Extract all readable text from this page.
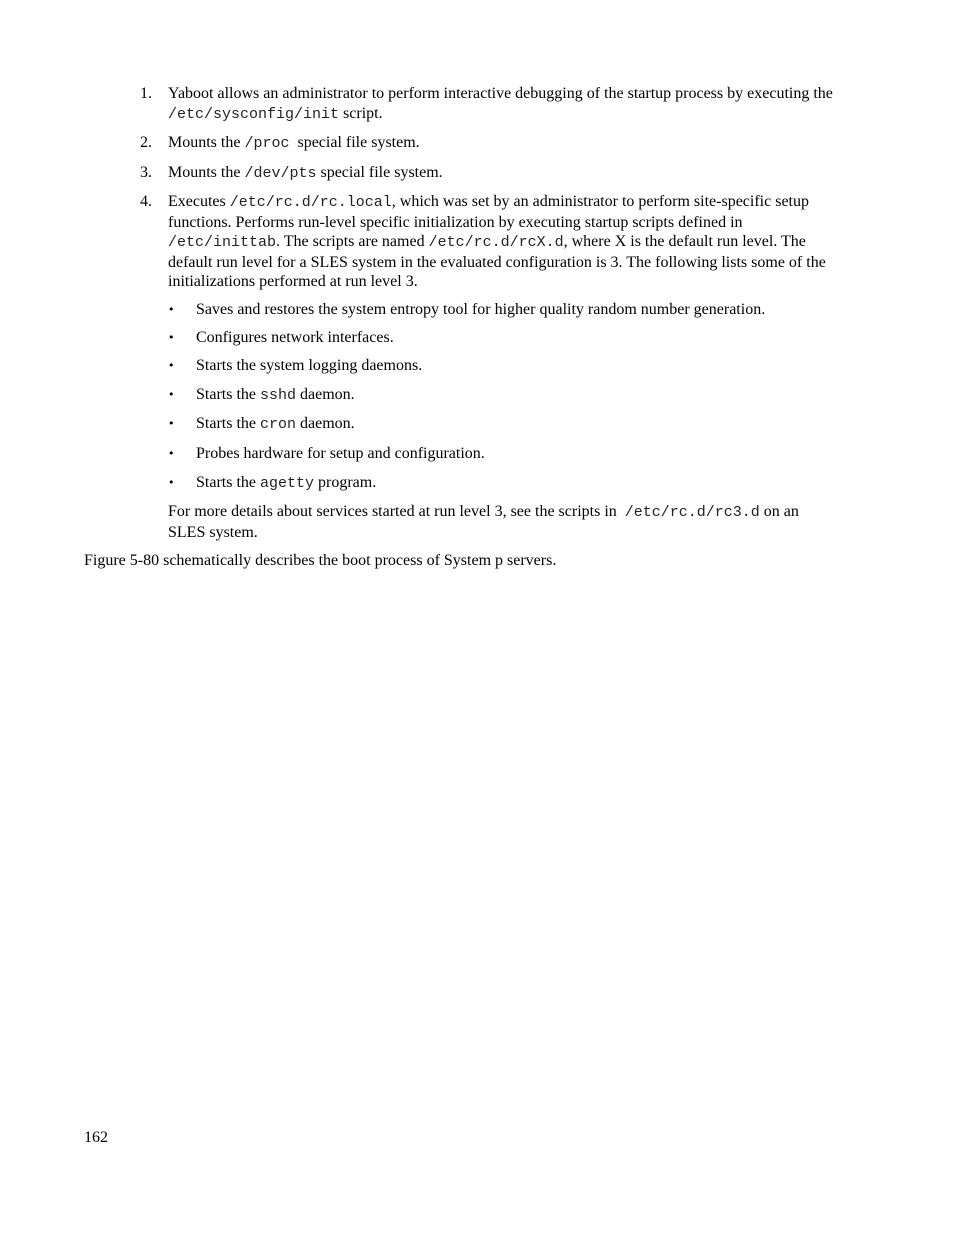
1. Yaboot allows an administrator to perform interactive debugging of the startup process by executing the /etc/sysconfig/init script.
2. Mounts the /proc  special file system.
3. Mounts the /dev/pts special file system.
4. Executes /etc/rc.d/rc.local, which was set by an administrator to perform site-specific setup functions. Performs run-level specific initialization by executing startup scripts defined in /etc/inittab. The scripts are named /etc/rc.d/rcX.d, where X is the default run level. The default run level for a SLES system in the evaluated configuration is 3. The following lists some of the initializations performed at run level 3.
• Saves and restores the system entropy tool for higher quality random number generation.
• Configures network interfaces.
• Starts the system logging daemons.
• Starts the sshd daemon.
• Starts the cron daemon.
• Probes hardware for setup and configuration.
• Starts the agetty program.
For more details about services started at run level 3, see the scripts in  /etc/rc.d/rc3.d on an SLES system.
Figure 5-80 schematically describes the boot process of System p servers.
162
